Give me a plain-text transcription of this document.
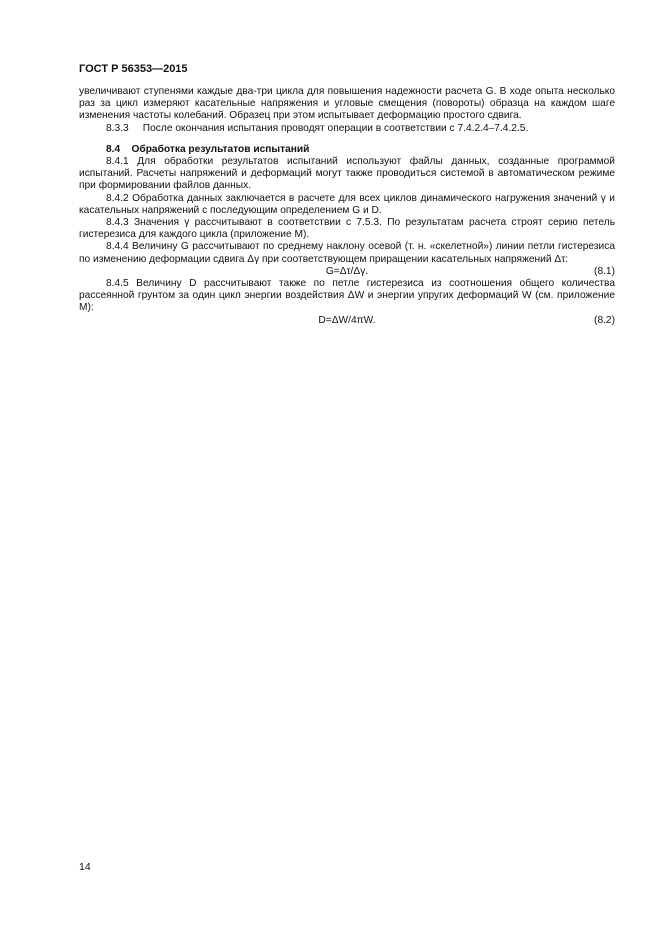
ГОСТ Р 56353—2015

увеличивают ступенями каждые два-три цикла для повышения надежности расчета G. В ходе опыта несколько раз за цикл измеряют касательные напряжения и угловые смещения (повороты) образца на каждом шаге изменения частоты колебаний. Образец при этом испытывает деформацию простого сдвига.

8.3.3     После окончания испытания проводят операции в соответствии с 7.4.2.4–7.4.2.5.

8.4    Обработка результатов испытаний

8.4.1 Для обработки результатов испытаний используют файлы данных, созданные программой испытаний. Расчеты напряжений и деформаций могут также проводиться системой в автоматическом режиме при формировании файлов данных.

8.4.2 Обработка данных заключается в расчете для всех циклов динамического нагружения значений γ и касательных напряжений с последующим определением G и D.

8.4.3 Значения γ рассчитывают в соответствии с 7.5.3. По результатам расчета строят серию петель гистерезиса для каждого цикла (приложение М).

8.4.4 Величину G рассчитывают по среднему наклону осевой (т. н. «скелетной») линии петли гистерезиса по изменению деформации сдвига Δγ при соответствующем приращении касательных напряжений Δτ:

G=Δτ/Δγ.	(8.1)

8.4.5 Величину D рассчитывают также по петле гистерезиса из соотношения общего количества рассеянной грунтом за один цикл энергии воздействия ΔW и энергии упругих деформаций W (см. приложение М):

D=ΔW/4πW.	(8.2)
14
